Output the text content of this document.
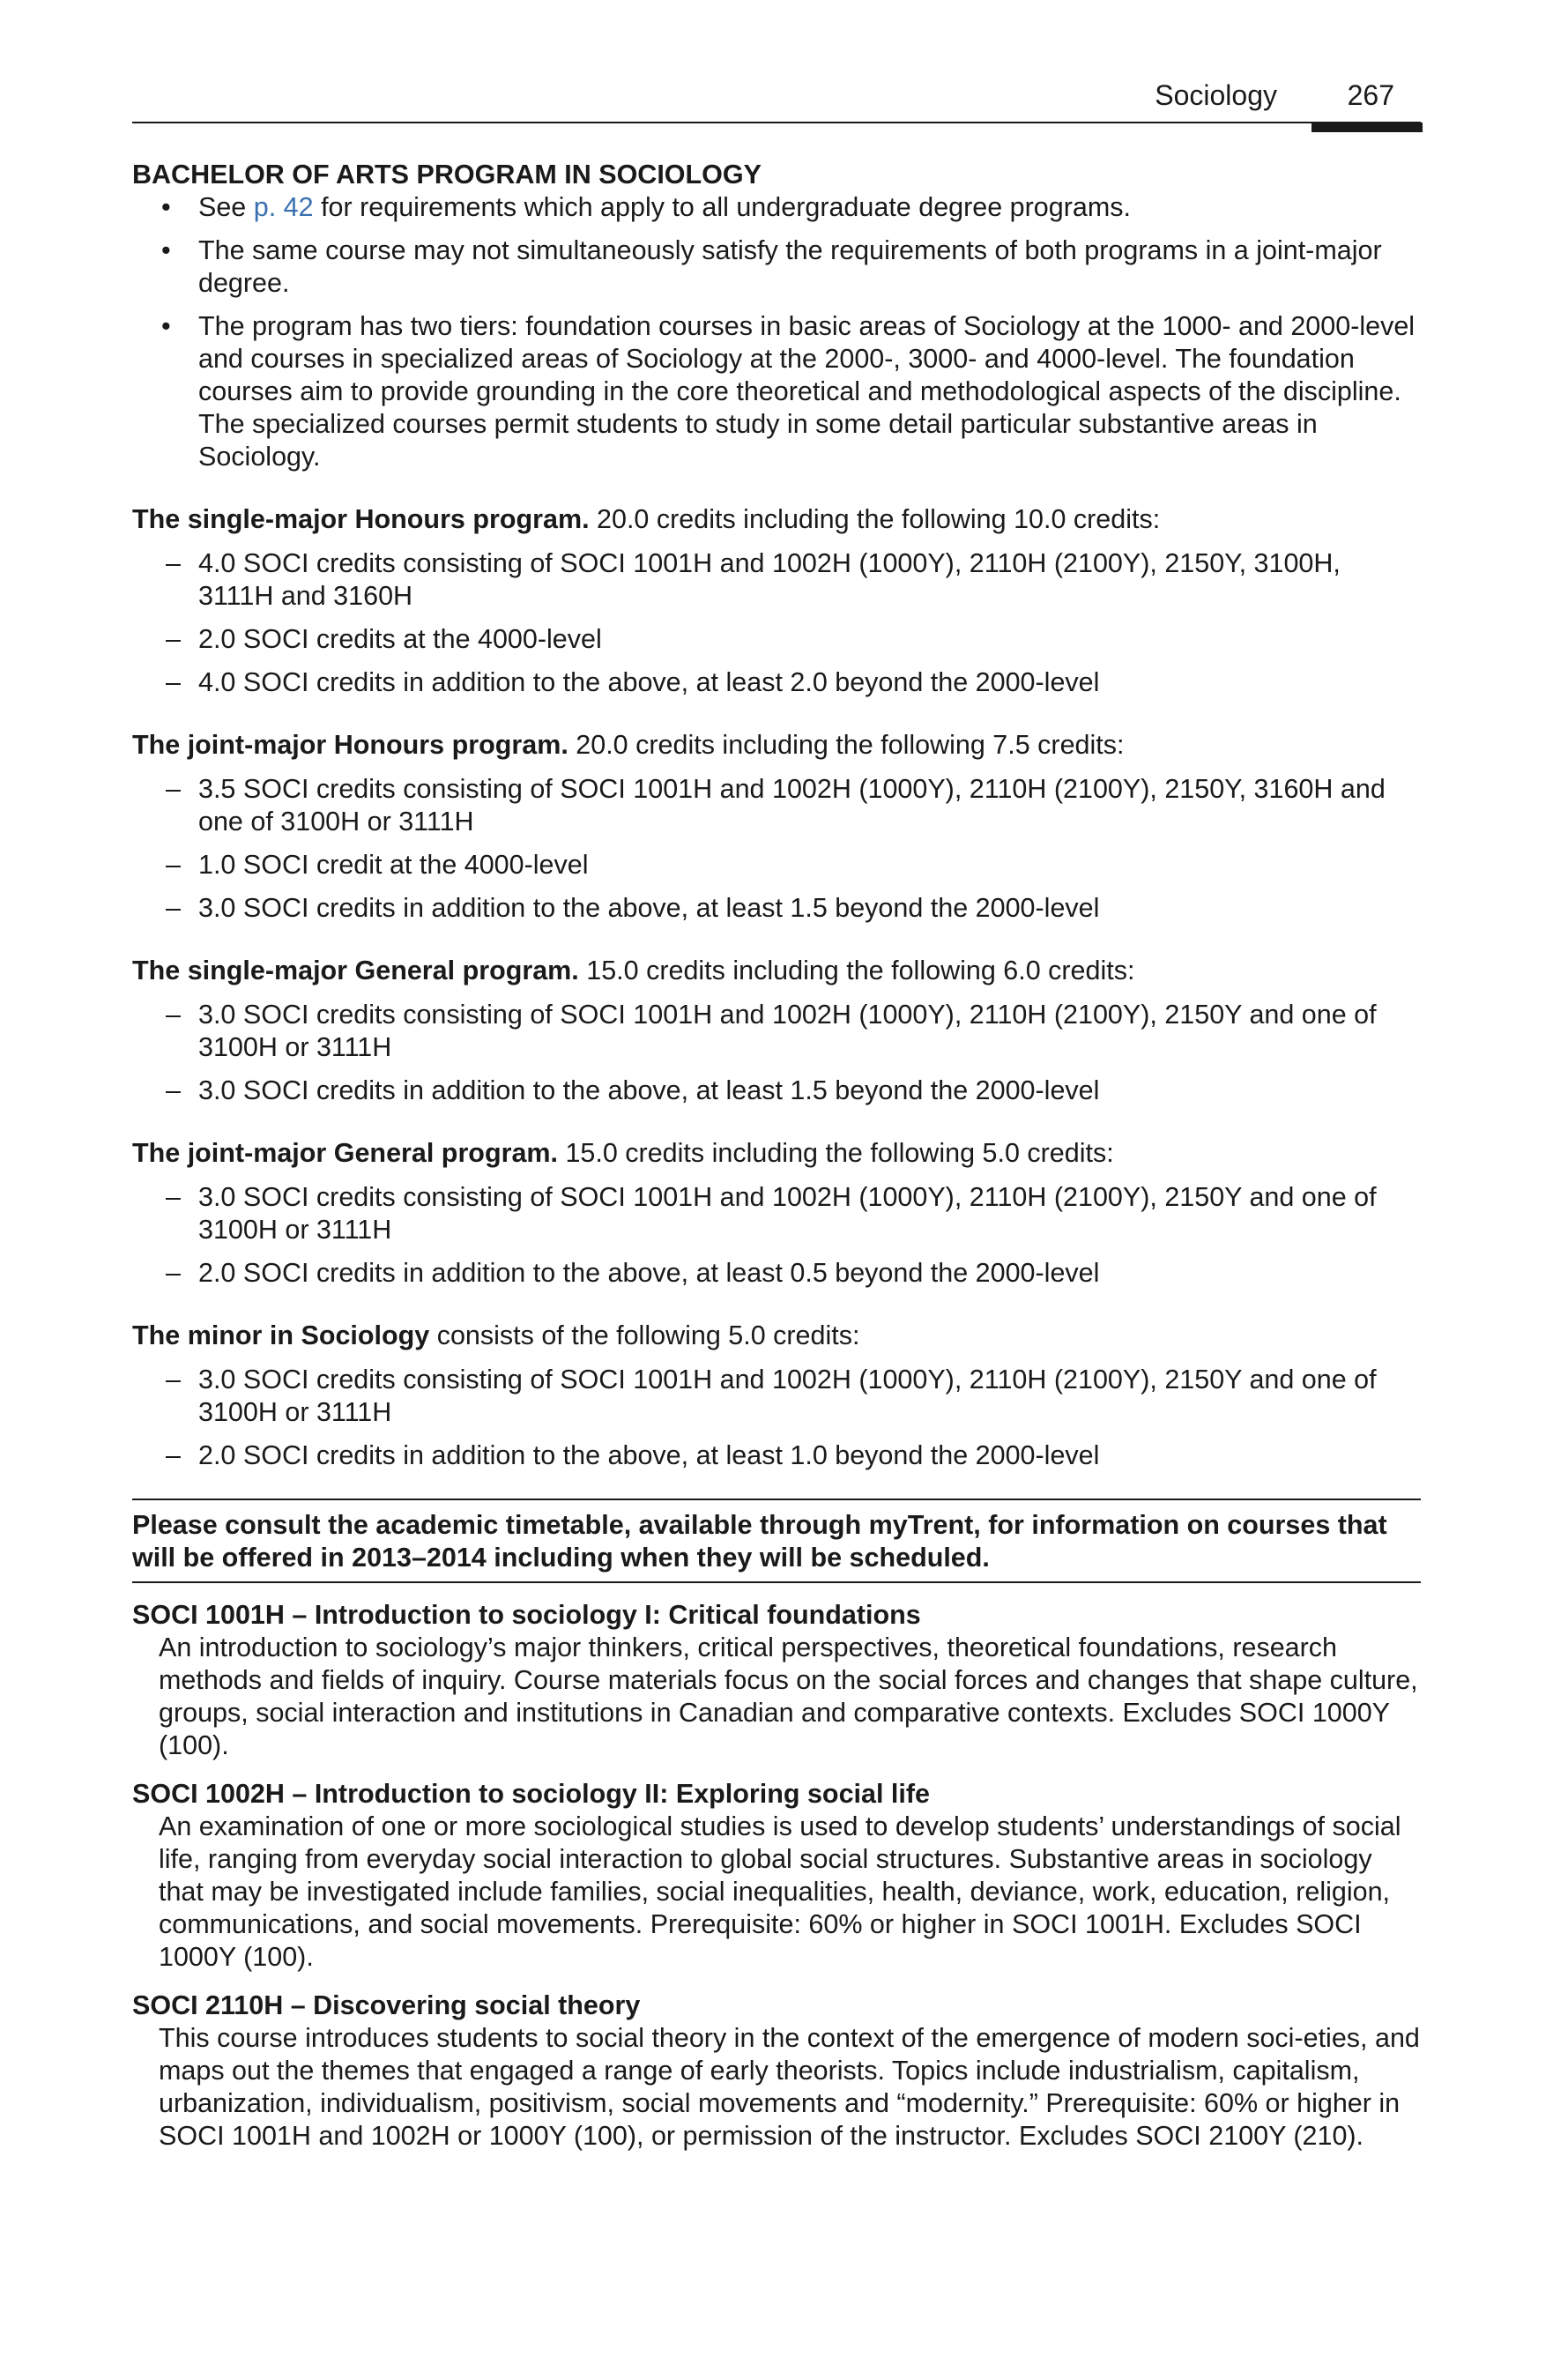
Sociology 267
BACHELOR OF ARTS PROGRAM IN SOCIOLOGY
• See p. 42 for requirements which apply to all undergraduate degree programs.
• The same course may not simultaneously satisfy the requirements of both programs in a joint-major degree.
• The program has two tiers: foundation courses in basic areas of Sociology at the 1000- and 2000-level and courses in specialized areas of Sociology at the 2000-, 3000- and 4000-level. The foundation courses aim to provide grounding in the core theoretical and methodological aspects of the discipline. The specialized courses permit students to study in some detail particular substantive areas in Sociology.
The single-major Honours program. 20.0 credits including the following 10.0 credits:
– 4.0 SOCI credits consisting of SOCI 1001H and 1002H (1000Y), 2110H (2100Y), 2150Y, 3100H, 3111H and 3160H
– 2.0 SOCI credits at the 4000-level
– 4.0 SOCI credits in addition to the above, at least 2.0 beyond the 2000-level
The joint-major Honours program. 20.0 credits including the following 7.5 credits:
– 3.5 SOCI credits consisting of SOCI 1001H and 1002H (1000Y), 2110H (2100Y), 2150Y, 3160H and one of 3100H or 3111H
– 1.0 SOCI credit at the 4000-level
– 3.0 SOCI credits in addition to the above, at least 1.5 beyond the 2000-level
The single-major General program. 15.0 credits including the following 6.0 credits:
– 3.0 SOCI credits consisting of SOCI 1001H and 1002H (1000Y), 2110H (2100Y), 2150Y and one of 3100H or 3111H
– 3.0 SOCI credits in addition to the above, at least 1.5 beyond the 2000-level
The joint-major General program. 15.0 credits including the following 5.0 credits:
– 3.0 SOCI credits consisting of SOCI 1001H and 1002H (1000Y), 2110H (2100Y), 2150Y and one of 3100H or 3111H
– 2.0 SOCI credits in addition to the above, at least 0.5 beyond the 2000-level
The minor in Sociology consists of the following 5.0 credits:
– 3.0 SOCI credits consisting of SOCI 1001H and 1002H (1000Y), 2110H (2100Y), 2150Y and one of 3100H or 3111H
– 2.0 SOCI credits in addition to the above, at least 1.0 beyond the 2000-level
Please consult the academic timetable, available through myTrent, for information on courses that will be offered in 2013–2014 including when they will be scheduled.
SOCI 1001H – Introduction to sociology I: Critical foundations
An introduction to sociology’s major thinkers, critical perspectives, theoretical foundations, research methods and fields of inquiry. Course materials focus on the social forces and changes that shape culture, groups, social interaction and institutions in Canadian and comparative contexts. Excludes SOCI 1000Y (100).
SOCI 1002H – Introduction to sociology II: Exploring social life
An examination of one or more sociological studies is used to develop students’ understandings of social life, ranging from everyday social interaction to global social structures. Substantive areas in sociology that may be investigated include families, social inequalities, health, deviance, work, education, religion, communications, and social movements. Prerequisite: 60% or higher in SOCI 1001H. Excludes SOCI 1000Y (100).
SOCI 2110H – Discovering social theory
This course introduces students to social theory in the context of the emergence of modern soci-eties, and maps out the themes that engaged a range of early theorists. Topics include industrialism, capitalism, urbanization, individualism, positivism, social movements and “modernity.” Prerequisite: 60% or higher in SOCI 1001H and 1002H or 1000Y (100), or permission of the instructor. Excludes SOCI 2100Y (210).
